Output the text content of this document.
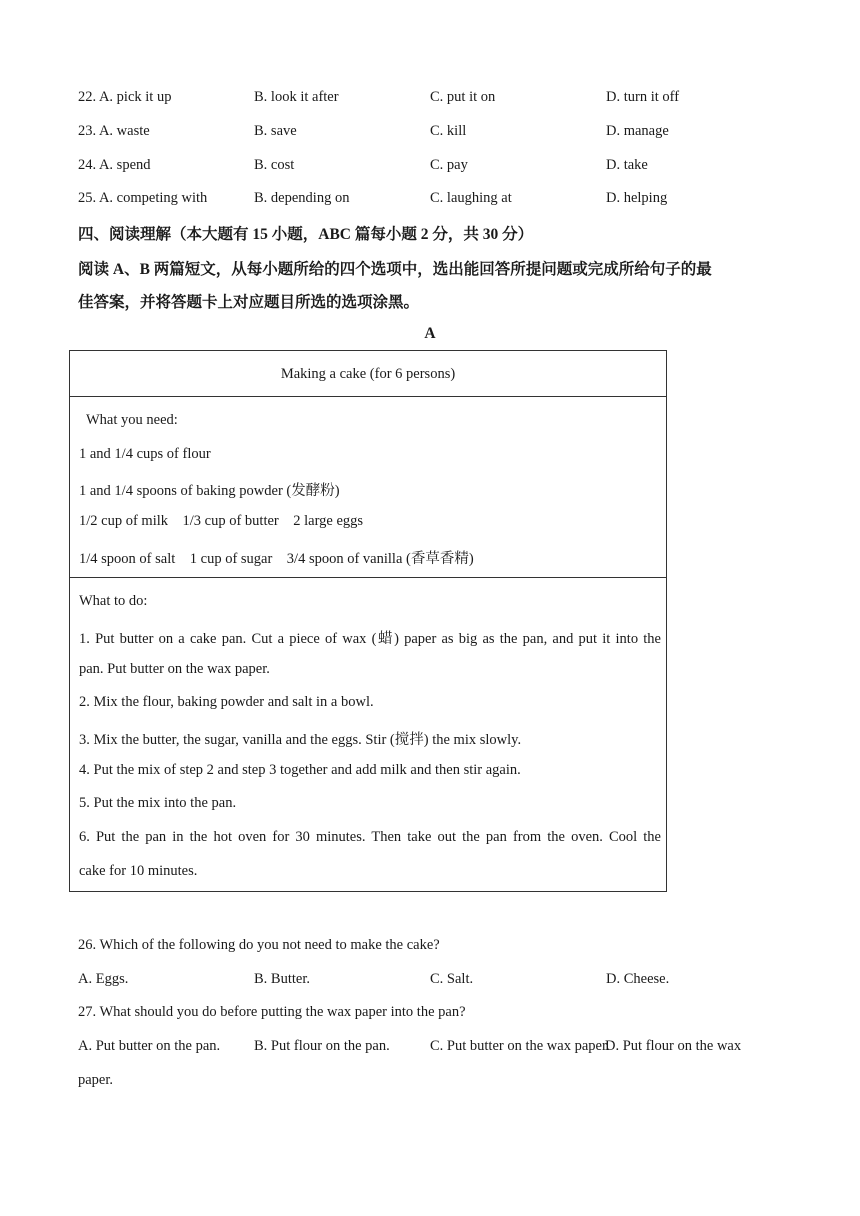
22. A. pick it up	B. look it after	C. put it on	D. turn it off
23. A. waste	B. save	C. kill	D. manage
24. A. spend	B. cost	C. pay	D. take
25. A. competing with	B. depending on	C. laughing at	D. helping
四、阅读理解（本大题有 15 小题，ABC 篇每小题 2 分，共 30 分）
阅读 A、B 两篇短文，从每小题所给的四个选项中，选出能回答所提问题或完成所给句子的最
佳答案，并将答题卡上对应题目所选的选项涂黑。
A
Making a cake (for 6 persons)
What you need:
1 and 1/4 cups of flour
1 and 1/4 spoons of baking powder (发酵粉)
1/2 cup of milk    1/3 cup of butter    2 large eggs
1/4 spoon of salt    1 cup of sugar    3/4 spoon of vanilla (香草香精)
What to do:
1. Put butter on a cake pan. Cut a piece of wax (蜡) paper as big as the pan, and put it into the
pan. Put butter on the wax paper.
2. Mix the flour, baking powder and salt in a bowl.
3. Mix the butter, the sugar, vanilla and the eggs. Stir (搅拌) the mix slowly.
4. Put the mix of step 2 and step 3 together and add milk and then stir again.
5. Put the mix into the pan.
6. Put the pan in the hot oven for 30 minutes. Then take out the pan from the oven. Cool the
cake for 10 minutes.
26. Which of the following do you not need to make the cake?
A. Eggs.	B. Butter.	C. Salt.	D. Cheese.
27. What should you do before putting the wax paper into the pan?
A. Put butter on the pan. B. Put flour on the pan.	C. Put butter on the wax paper.
D. Put flour on the wax
paper.
